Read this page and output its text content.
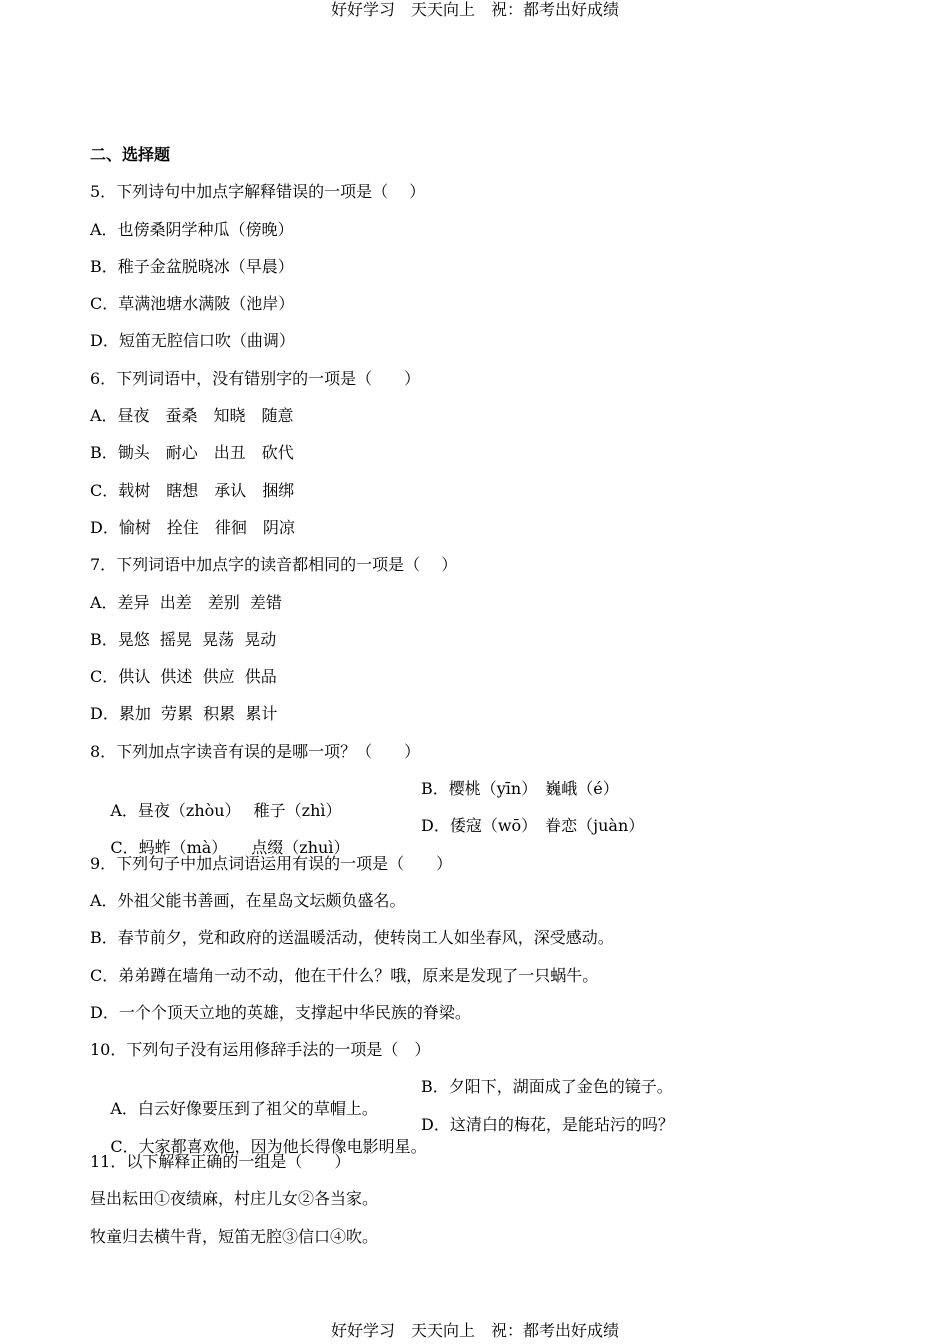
好好学习　天天向上　祝：都考出好成绩
二、选择题
5．下列诗句中加点字解释错误的一项是（　 ）
A．也傍桑阴学种瓜（傍晚）
B．稚子金盆脱晓冰（早晨）
C．草满池塘水满陂（池岸）
D．短笛无腔信口吹（曲调）
6．下列词语中，没有错别字的一项是（　　）
A．昼夜　蚕桑　知晓　随意
B．锄头　耐心　出丑　砍代
C．载树　瞎想　承认　捆绑
D．愉树　拴住　徘徊　阴凉
7．下列词语中加点字的读音都相同的一项是（　 ）
A．差异  出差　差别  差错
B．晃悠  摇晃  晃荡  晃动
C．供认  供述  供应  供品
D．累加  劳累  积累  累计
8．下列加点字读音有误的是哪一项？（　　）

A．昼夜（zhòu）　 稚子（zhì）

B．樱桃（yīn）　巍峨（é）

C．蚂蚱（mà）　　点缀（zhuì）

D．倭寇（wō）　眷恋（juàn）

9．下列句子中加点词语运用有误的一项是（　　）
A．外祖父能书善画，在星岛文坛颇负盛名。
B．春节前夕，党和政府的送温暖活动，使转岗工人如坐春风，深受感动。
C．弟弟蹲在墙角一动不动，他在干什么？哦，原来是发现了一只蜗牛。
D．一个个顶天立地的英雄，支撑起中华民族的脊梁。
10．下列句子没有运用修辞手法的一项是（　）

A．白云好像要压到了祖父的草帽上。

B．夕阳下，湖面成了金色的镜子。

C．大家都喜欢他，因为他长得像电影明星。

D．这清白的梅花，是能玷污的吗？

11．以下解释正确的一组是（　　）
昼出耘田①夜绩麻，村庄儿女②各当家。
牧童归去横牛背，短笛无腔③信口④吹。
好好学习　天天向上　祝：都考出好成绩
